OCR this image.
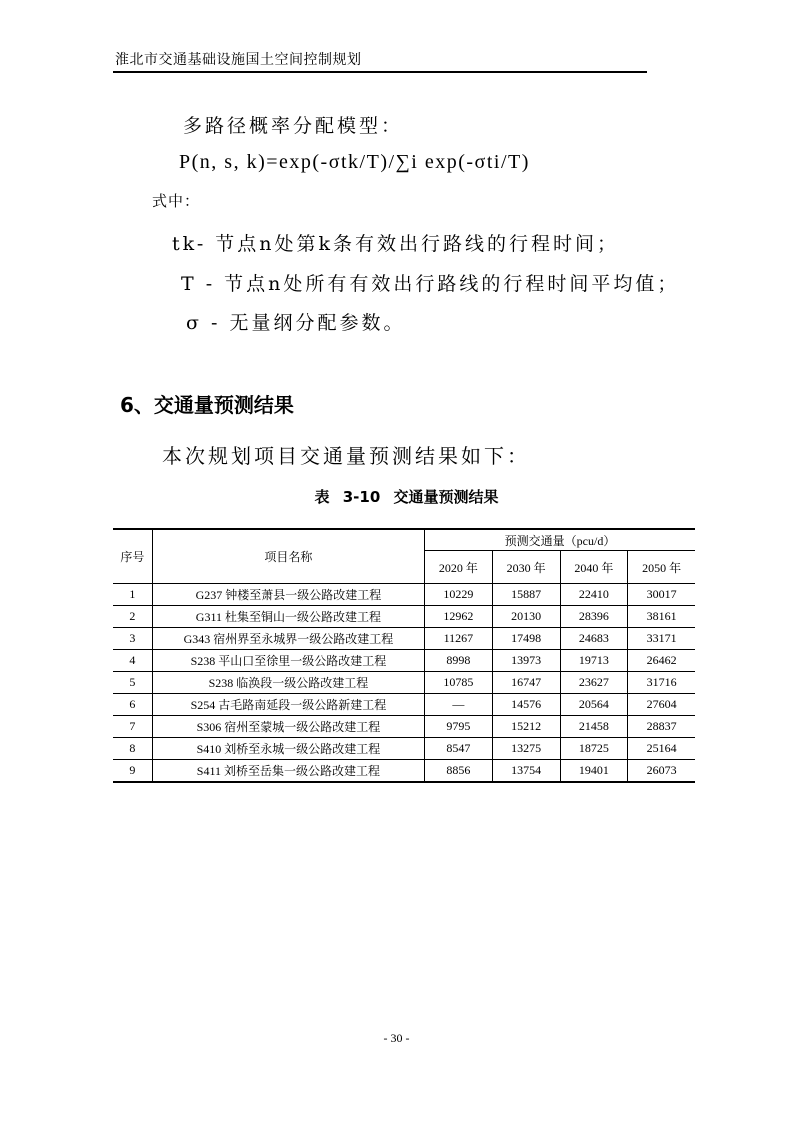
淮北市交通基础设施国土空间控制规划
多路径概率分配模型：
P(n, s, k)=exp(-σtk/T)/∑i exp(-σti/T)
式中：
tk- 节点n处第k条有效出行路线的行程时间；
T - 节点n处所有有效出行路线的行程时间平均值；
σ - 无量纲分配参数。
6、交通量预测结果
本次规划项目交通量预测结果如下：
表 3-10 交通量预测结果
序号	项目名称	预测交通量（pcu/d）			
		2020 年	2030 年	2040 年	2050 年
1	G237 钟楼至萧县一级公路改建工程	10229	15887	22410	30017
2	G311 杜集至铜山一级公路改建工程	12962	20130	28396	38161
3	G343 宿州界至永城界一级公路改建工程	11267	17498	24683	33171
4	S238 平山口至徐里一级公路改建工程	8998	13973	19713	26462
5	S238 临涣段一级公路改建工程	10785	16747	23627	31716
6	S254 古毛路南延段一级公路新建工程	—	14576	20564	27604
7	S306 宿州至蒙城一级公路改建工程	9795	15212	21458	28837
8	S410 刘桥至永城一级公路改建工程	8547	13275	18725	25164
9	S411 刘桥至岳集一级公路改建工程	8856	13754	19401	26073
- 30 -
